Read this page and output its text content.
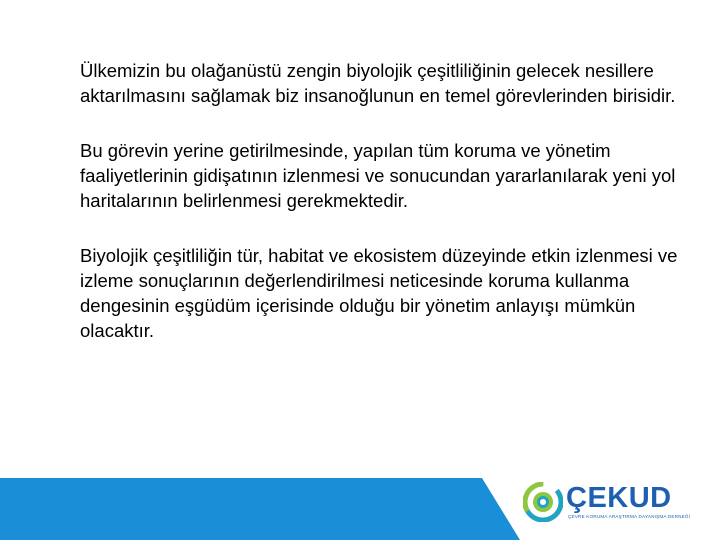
Ülkemizin bu olağanüstü zengin biyolojik çeşitliliğinin gelecek nesillere aktarılmasını sağlamak biz insanoğlunun en temel görevlerinden birisidir.

Bu görevin yerine getirilmesinde, yapılan tüm koruma ve yönetim faaliyetlerinin gidişatının izlenmesi ve sonucundan yararlanılarak yeni yol haritalarının belirlenmesi gerekmektedir.

Biyolojik çeşitliliğin tür, habitat ve ekosistem düzeyinde etkin izlenmesi ve izleme sonuçlarının değerlendirilmesi neticesinde koruma kullanma dengesinin eşgüdüm içerisinde olduğu bir yönetim anlayışı mümkün olacaktır.

ÇEKUD
ÇEVRE KORUMA ARAŞTIRMA DAYANIŞMA DERNEĞİ
